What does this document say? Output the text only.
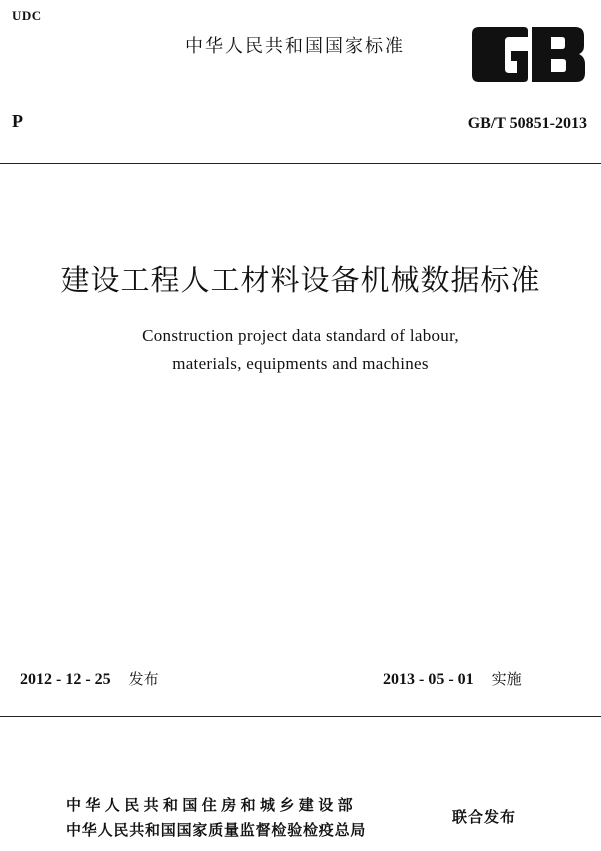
UDC
中华人民共和国国家标准
P	GB/T 50851-2013
建设工程人工材料设备机械数据标准
Construction project data standard of labour,
materials, equipments and machines
2012 - 12 - 25 发布	2013 - 05 - 01 实施
中华人民共和国住房和城乡建设部
中华人民共和国国家质量监督检验检疫总局
联合发布
